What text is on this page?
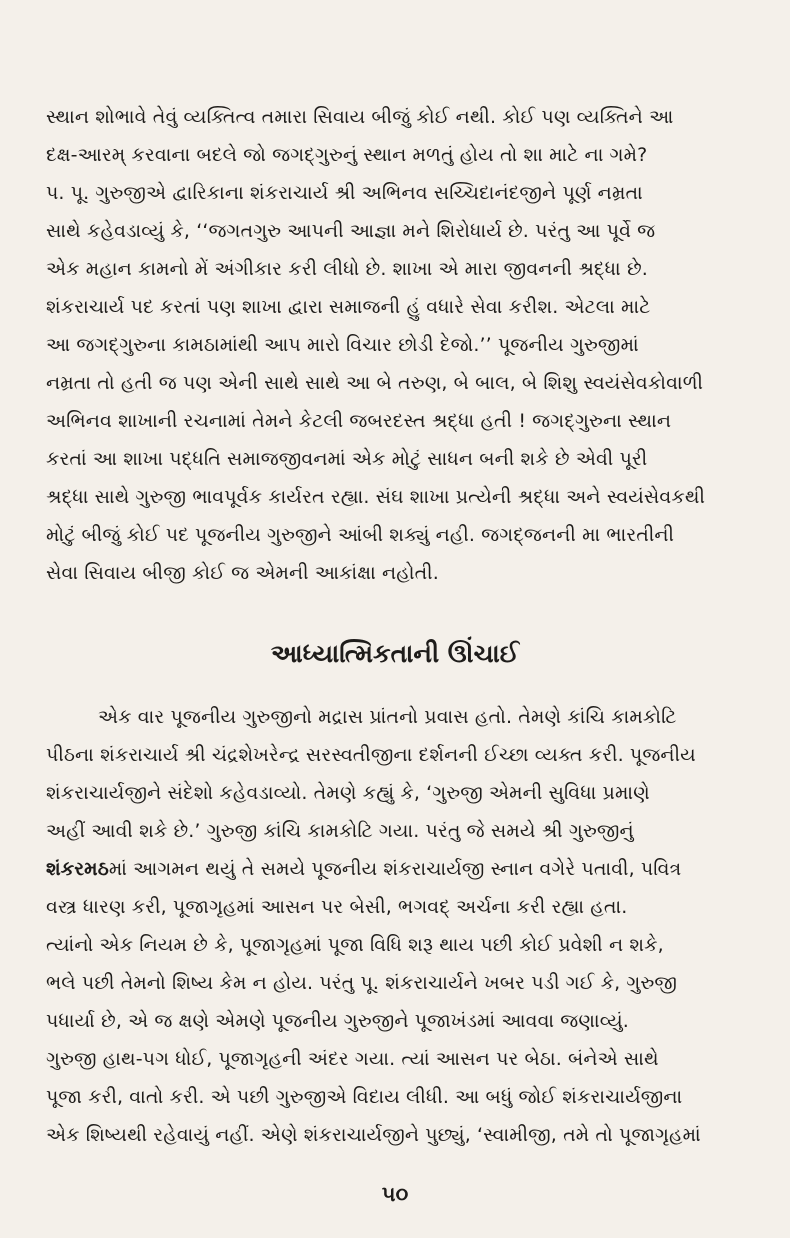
સ્થાન શોભાવે તેવું વ્યક્તિત્વ તમારા સિવાય બીજું કોઈ નથી. કોઈ પણ વ્યક્તિને આ
દક્ષ-આરમ્ કરવાના બદલે જો જગદ્‌ગુરુનું સ્થાન મળતું હોય તો શા માટે ના ગમે?
પ. પૂ. ગુરુજીએ દ્વારિકાના શંકરાચાર્ય શ્રી અભિનવ સચ્ચિદાનંદજીને પૂર્ણ નમ્રતા
સાથે કહેવડાવ્યું કે, ‘‘જગતગુરુ આપની આજ્ઞા મને શિરોધાર્ય છે. પરંતુ આ પૂર્વે જ
એક મહાન કામનો મેં અંગીકાર કરી લીધો છે. શાખા એ મારા જીવનની શ્રદ્ધા છે.
શંકરાચાર્ય પદ કરતાં પણ શાખા દ્વારા સમાજની હું વધારે સેવા કરીશ. એટલા માટે
આ જગદ્‌ગુરુના કામઠામાંથી આપ મારો વિચાર છોડી દેજો.’’ પૂજનીય ગુરુજીમાં
નમ્રતા તો હતી જ પણ એની સાથે સાથે આ બે તરુણ, બે બાલ, બે શિશુ સ્વયંસેવકોવાળી
અભિનવ શાખાની રચનામાં તેમને કેટલી જબરદસ્ત શ્રદ્ધા હતી ! જગદ્‌ગુરુના સ્થાન
કરતાં આ શાખા પદ્ધતિ સમાજજીવનમાં એક મોટું સાધન બની શકે છે એવી પૂરી
શ્રદ્ધા સાથે ગુરુજી ભાવપૂર્વક કાર્યરત રહ્યા. સંઘ શાખા પ્રત્યેની શ્રદ્ધા અને સ્વયંસેવકથી
મોટું બીજું કોઈ પદ પૂજનીય ગુરુજીને આંબી શક્યું નહી. જગદ્‌જનની મા ભારતીની
સેવા સિવાય બીજી કોઈ જ એમની આકાંક્ષા નહોતી.
આધ્યાત્મિકતાની ઊંચાઈ
એક વાર પૂજનીય ગુરુજીનો મદ્રાસ પ્રાંતનો પ્રવાસ હતો. તેમણે કાંચિ કામકોટિ
પીઠના શંકરાચાર્ય શ્રી ચંદ્રશેખરેન્દ્ર સરસ્વતીજીના દર્શનની ઈચ્છા વ્યક્ત કરી. પૂજનીય
શંકરાચાર્યજીને સંદેશો કહેવડાવ્યો. તેમણે કહ્યું કે, ‘ગુરુજી એમની સુવિધા પ્રમાણે
અહીં આવી શકે છે.’ ગુરુજી કાંચિ કામકોટિ ગયા. પરંતુ જે સમયે શ્રી ગુરુજીનું
શંકરમઠમાં આગમન થયું તે સમયે પૂજનીય શંકરાચાર્યજી સ્નાન વગેરે પતાવી, પવિત્ર
વસ્ત્ર ધારણ કરી, પૂજાગૃહમાં આસન પર બેસી, ભગવદ્ અર્ચના કરી રહ્યા હતા.
ત્યાંનો એક નિયમ છે કે, પૂજાગૃહમાં પૂજા વિધિ શરૂ થાય પછી કોઈ પ્રવેશી ન શકે,
ભલે પછી તેમનો શિષ્ય કેમ ન હોય. પરંતુ પૂ. શંકરાચાર્યને ખબર પડી ગઈ કે, ગુરુજી
પધાર્યા છે, એ જ ક્ષણે એમણે પૂજનીય ગુરુજીને પૂજાખંડમાં આવવા જણાવ્યું.
ગુરુજી હાથ-પગ ધોઈ, પૂજાગૃહની અંદર ગયા. ત્યાં આસન પર બેઠા. બંનેએ સાથે
પૂજા કરી, વાતો કરી. એ પછી ગુરુજીએ વિદાય લીધી. આ બધું જોઈ શંકરાચાર્યજીના
એક શિષ્યથી રહેવાયું નહીં. એણે શંકરાચાર્યજીને પુછ્યું, ‘સ્વામીજી, તમે તો પૂજાગૃહમાં
૫૦
